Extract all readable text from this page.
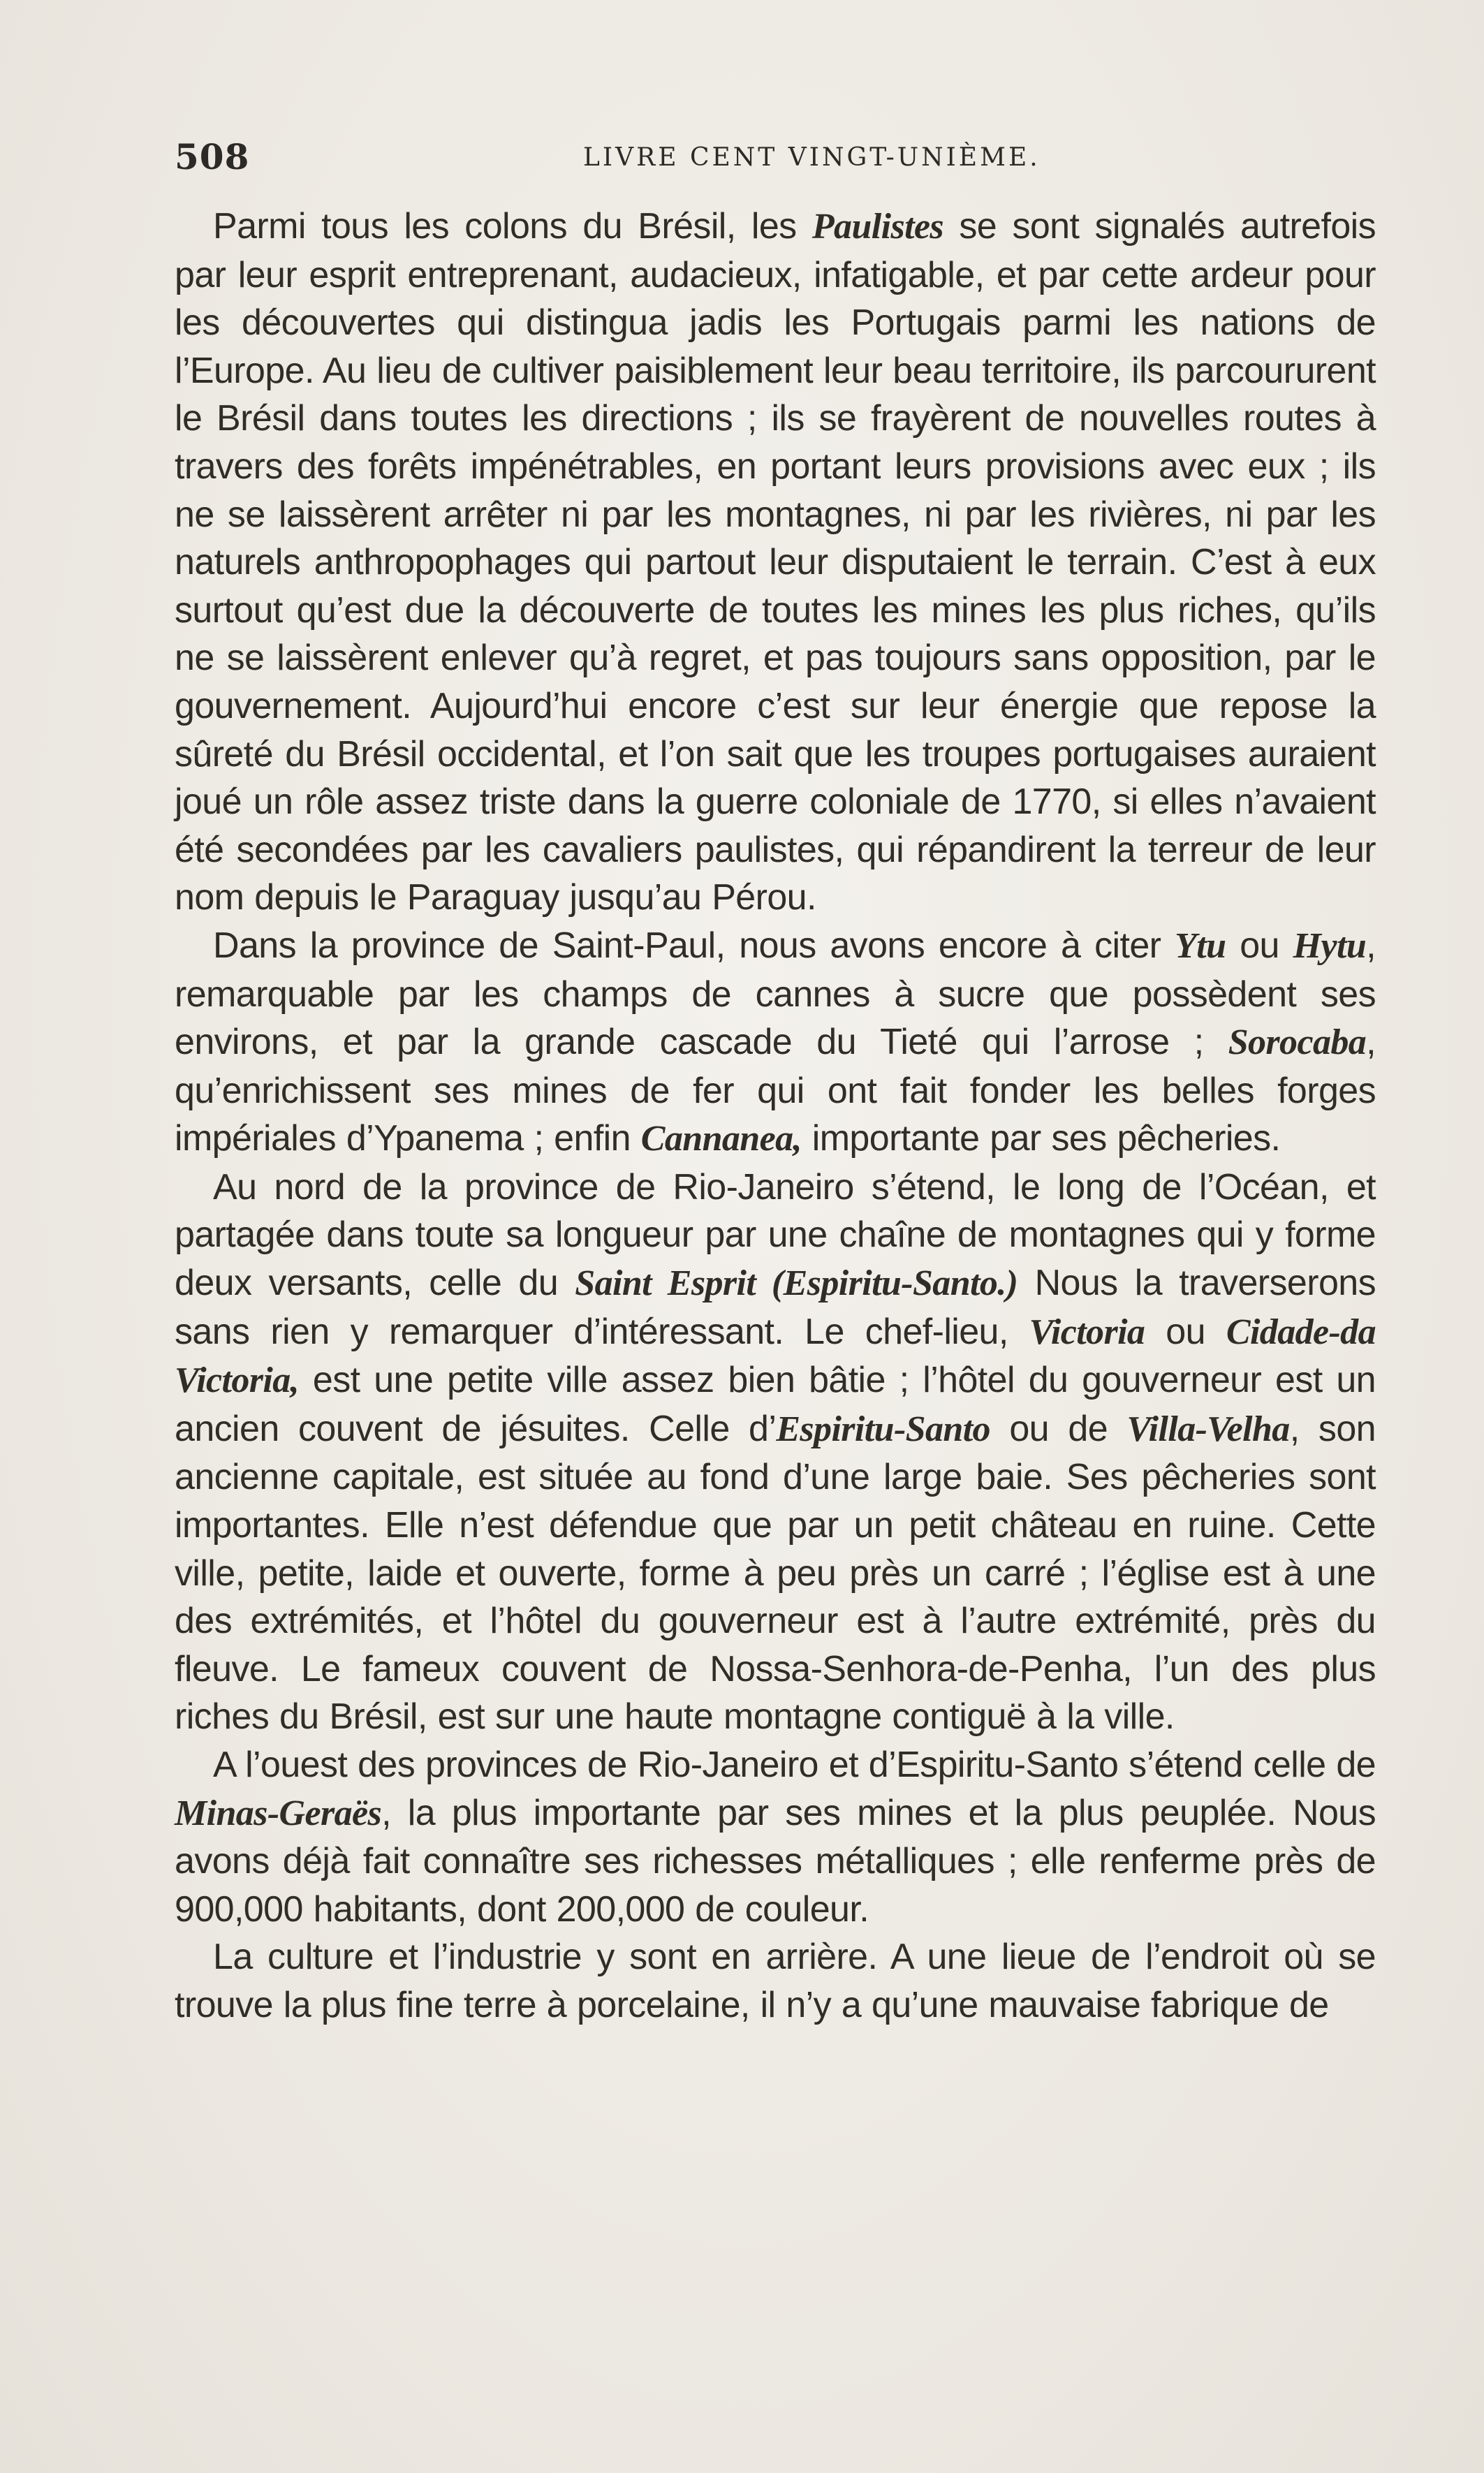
508	LIVRE CENT VINGT-UNIÈME.

Parmi tous les colons du Brésil, les Paulistes se sont signalés autrefois par leur esprit entreprenant, audacieux, infatigable, et par cette ardeur pour les découvertes qui distingua jadis les Portugais parmi les nations de l’Europe. Au lieu de cultiver paisiblement leur beau territoire, ils parcoururent le Brésil dans toutes les directions ; ils se frayèrent de nouvelles routes à travers des forêts impénétrables, en portant leurs provisions avec eux ; ils ne se laissèrent arrêter ni par les montagnes, ni par les rivières, ni par les naturels anthropophages qui partout leur disputaient le terrain. C’est à eux surtout qu’est due la découverte de toutes les mines les plus riches, qu’ils ne se laissèrent enlever qu’à regret, et pas toujours sans opposition, par le gouvernement. Aujourd’hui encore c’est sur leur énergie que repose la sûreté du Brésil occidental, et l’on sait que les troupes portugaises auraient joué un rôle assez triste dans la guerre coloniale de 1770, si elles n’avaient été secondées par les cavaliers paulistes, qui répandirent la terreur de leur nom depuis le Paraguay jusqu’au Pérou.

Dans la province de Saint-Paul, nous avons encore à citer Ytu ou Hytu, remarquable par les champs de cannes à sucre que possèdent ses environs, et par la grande cascade du Tieté qui l’arrose ; Sorocaba, qu’enrichissent ses mines de fer qui ont fait fonder les belles forges impériales d’Ypanema ; enfin Cannanea, importante par ses pêcheries.

Au nord de la province de Rio-Janeiro s’étend, le long de l’Océan, et partagée dans toute sa longueur par une chaîne de montagnes qui y forme deux versants, celle du Saint Esprit (Espiritu-Santo.) Nous la traverserons sans rien y remarquer d’intéressant. Le chef-lieu, Victoria ou Cidade-da Victoria, est une petite ville assez bien bâtie ; l’hôtel du gouverneur est un ancien couvent de jésuites. Celle d’Espiritu-Santo ou de Villa-Velha, son ancienne capitale, est située au fond d’une large baie. Ses pêcheries sont importantes. Elle n’est défendue que par un petit château en ruine. Cette ville, petite, laide et ouverte, forme à peu près un carré ; l’église est à une des extrémités, et l’hôtel du gouverneur est à l’autre extrémité, près du fleuve. Le fameux couvent de Nossa-Senhora-de-Penha, l’un des plus riches du Brésil, est sur une haute montagne contiguë à la ville.

A l’ouest des provinces de Rio-Janeiro et d’Espiritu-Santo s’étend celle de Minas-Geraës, la plus importante par ses mines et la plus peuplée. Nous avons déjà fait connaître ses richesses métalliques ; elle renferme près de 900,000 habitants, dont 200,000 de couleur.

La culture et l’industrie y sont en arrière. A une lieue de l’endroit où se trouve la plus fine terre à porcelaine, il n’y a qu’une mauvaise fabrique de
